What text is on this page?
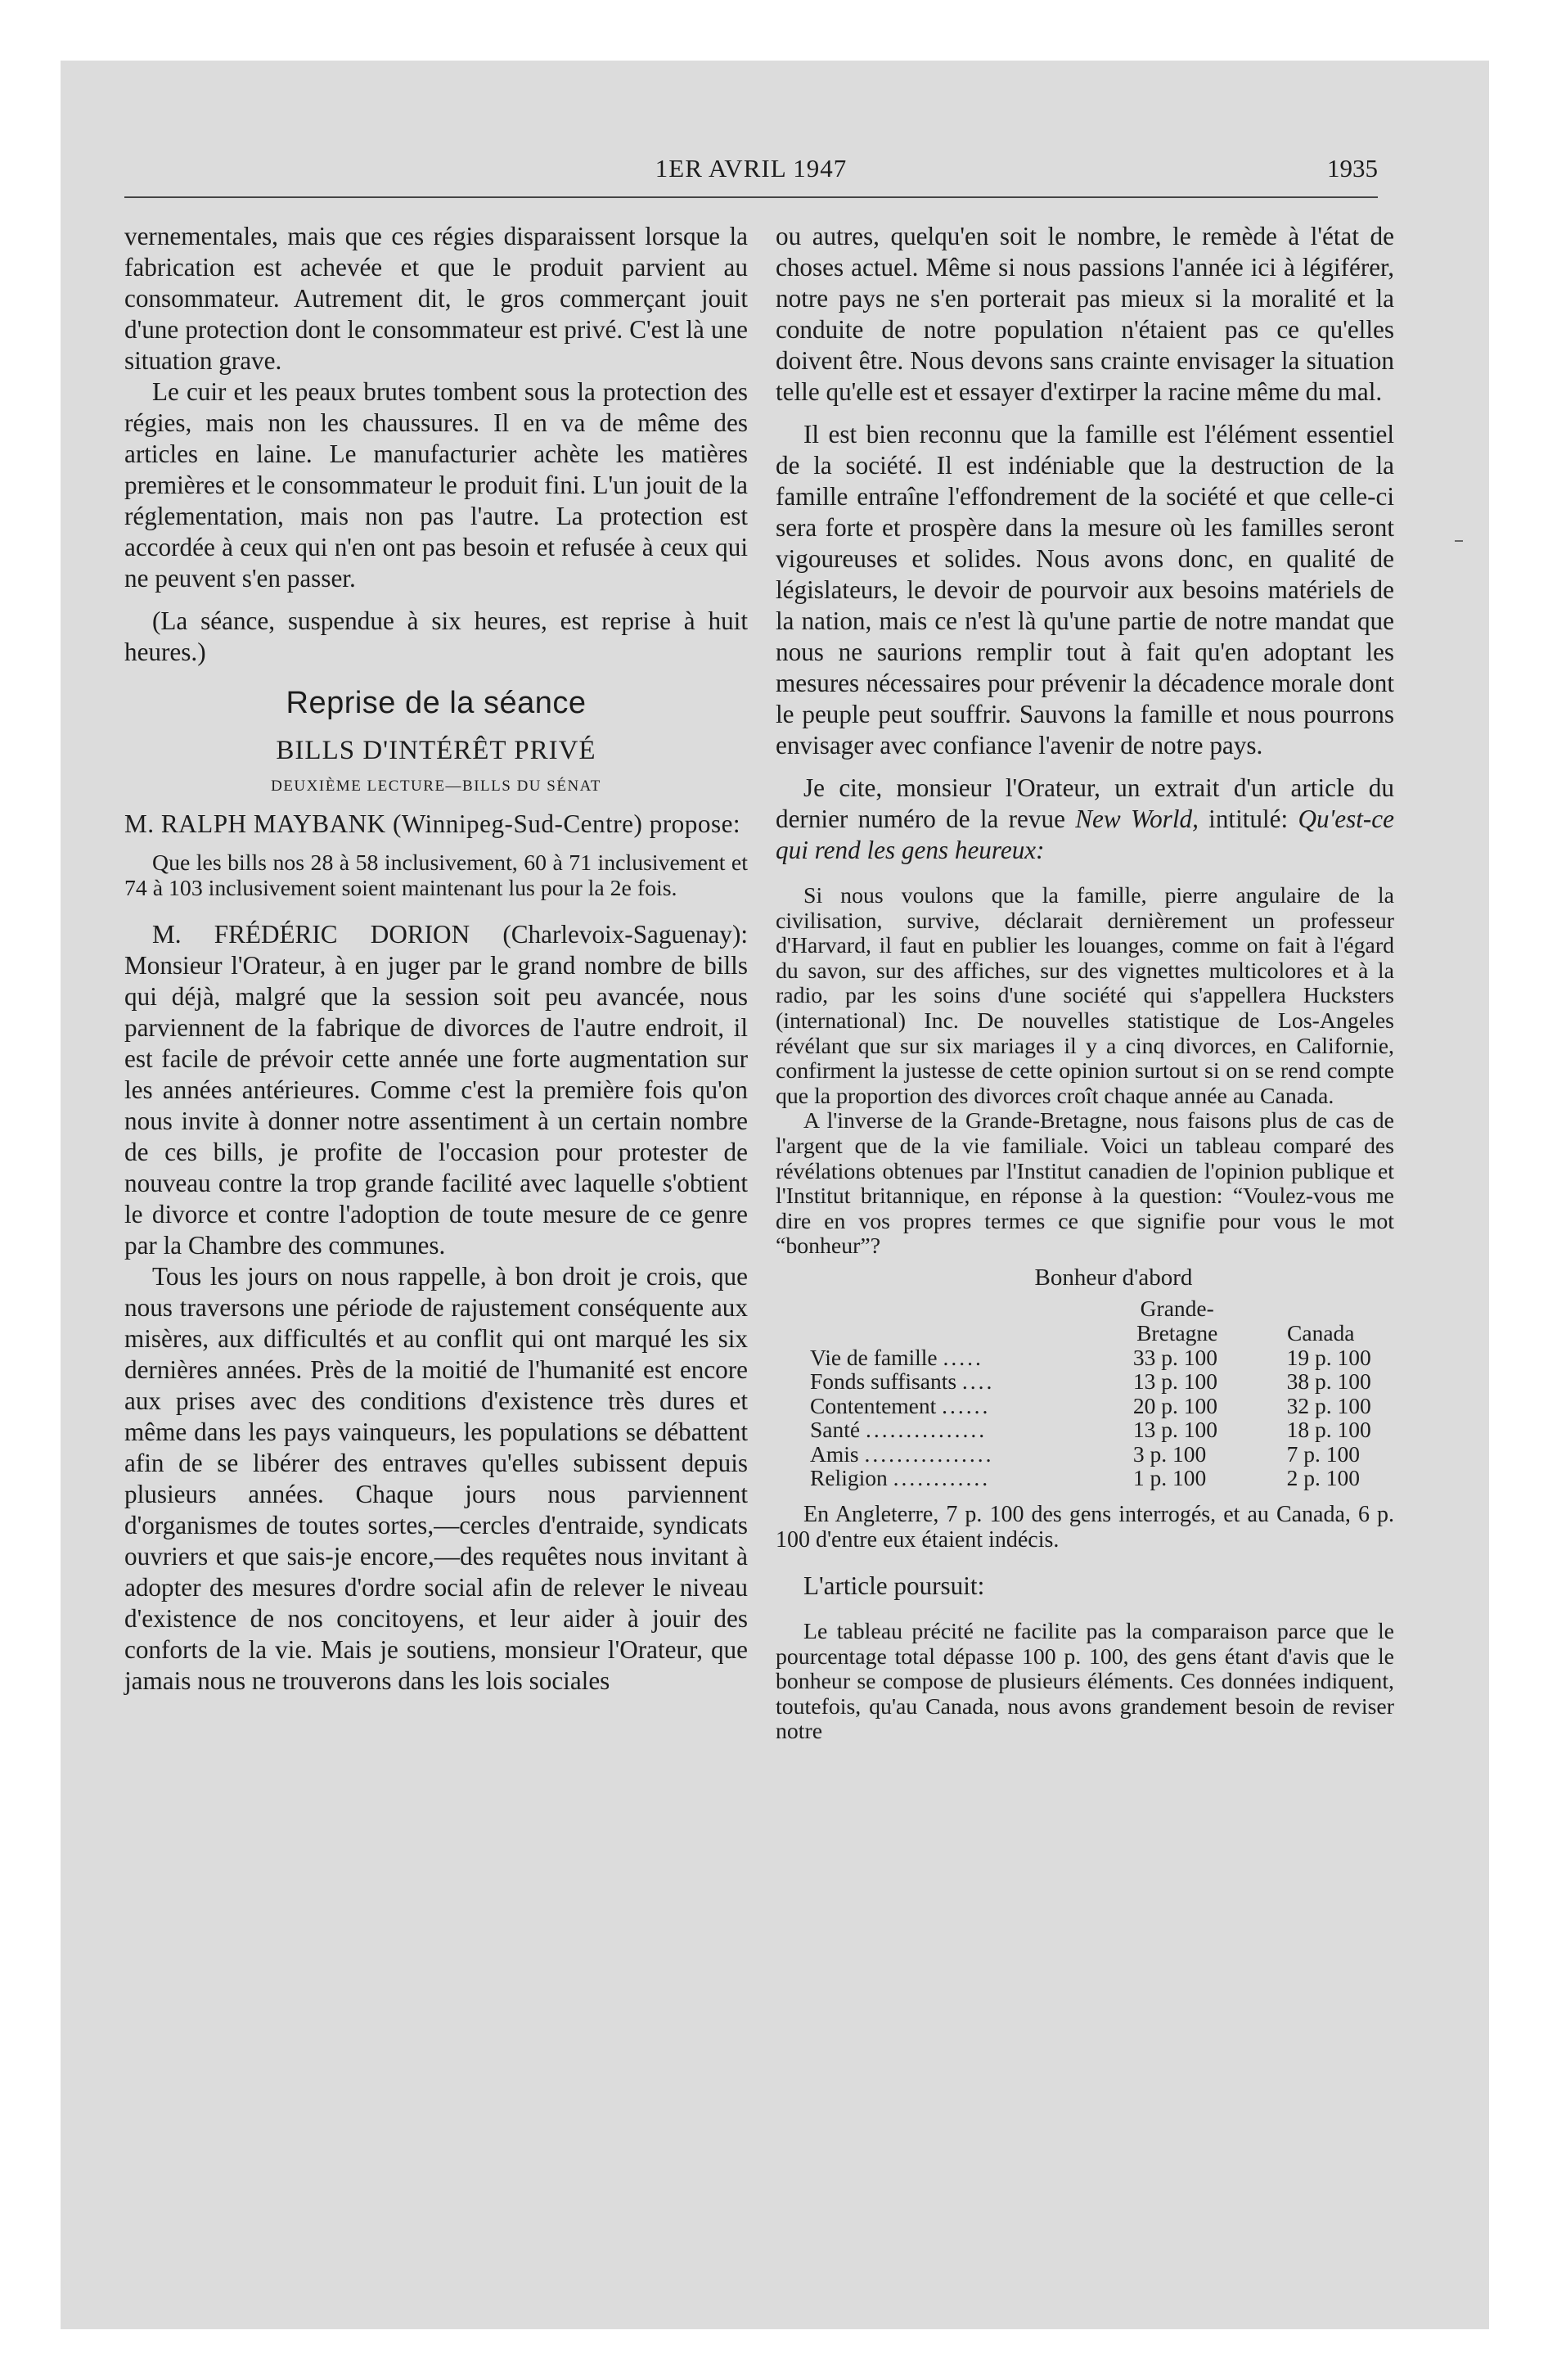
1ER AVRIL 1947	1935

vernementales, mais que ces régies disparaissent lorsque la fabrication est achevée et que le produit parvient au consommateur. Autrement dit, le gros commerçant jouit d'une protection dont le consommateur est privé. C'est là une situation grave.

Le cuir et les peaux brutes tombent sous la protection des régies, mais non les chaussures. Il en va de même des articles en laine. Le manufacturier achète les matières premières et le consommateur le produit fini. L'un jouit de la réglementation, mais non pas l'autre. La protection est accordée à ceux qui n'en ont pas besoin et refusée à ceux qui ne peuvent s'en passer.

(La séance, suspendue à six heures, est reprise à huit heures.)

Reprise de la séance
BILLS D'INTÉRÊT PRIVÉ
DEUXIÈME LECTURE—BILLS DU SÉNAT

M. RALPH MAYBANK (Winnipeg-Sud-Centre) propose:

Que les bills nos 28 à 58 inclusivement, 60 à 71 inclusivement et 74 à 103 inclusivement soient maintenant lus pour la 2e fois.

M. FRÉDÉRIC DORION (Charlevoix-Saguenay): Monsieur l'Orateur, à en juger par le grand nombre de bills qui déjà, malgré que la session soit peu avancée, nous parviennent de la fabrique de divorces de l'autre endroit, il est facile de prévoir cette année une forte augmentation sur les années antérieures. Comme c'est la première fois qu'on nous invite à donner notre assentiment à un certain nombre de ces bills, je profite de l'occasion pour protester de nouveau contre la trop grande facilité avec laquelle s'obtient le divorce et contre l'adoption de toute mesure de ce genre par la Chambre des communes.

Tous les jours on nous rappelle, à bon droit je crois, que nous traversons une période de rajustement conséquente aux misères, aux difficultés et au conflit qui ont marqué les six dernières années. Près de la moitié de l'humanité est encore aux prises avec des conditions d'existence très dures et même dans les pays vainqueurs, les populations se débattent afin de se libérer des entraves qu'elles subissent depuis plusieurs années. Chaque jours nous parviennent d'organismes de toutes sortes,—cercles d'entraide, syndicats ouvriers et que sais-je encore,—des requêtes nous invitant à adopter des mesures d'ordre social afin de relever le niveau d'existence de nos concitoyens, et leur aider à jouir des conforts de la vie. Mais je soutiens, monsieur l'Orateur, que jamais nous ne trouverons dans les lois sociales

ou autres, quelqu'en soit le nombre, le remède à l'état de choses actuel. Même si nous passions l'année ici à légiférer, notre pays ne s'en porterait pas mieux si la moralité et la conduite de notre population n'étaient pas ce qu'elles doivent être. Nous devons sans crainte envisager la situation telle qu'elle est et essayer d'extirper la racine même du mal.

Il est bien reconnu que la famille est l'élément essentiel de la société. Il est indéniable que la destruction de la famille entraîne l'effondrement de la société et que celle-ci sera forte et prospère dans la mesure où les familles seront vigoureuses et solides. Nous avons donc, en qualité de législateurs, le devoir de pourvoir aux besoins matériels de la nation, mais ce n'est là qu'une partie de notre mandat que nous ne saurions remplir tout à fait qu'en adoptant les mesures nécessaires pour prévenir la décadence morale dont le peuple peut souffrir. Sauvons la famille et nous pourrons envisager avec confiance l'avenir de notre pays.

Je cite, monsieur l'Orateur, un extrait d'un article du dernier numéro de la revue New World, intitulé: Qu'est-ce qui rend les gens heureux:

Si nous voulons que la famille, pierre angulaire de la civilisation, survive, déclarait dernièrement un professeur d'Harvard, il faut en publier les louanges, comme on fait à l'égard du savon, sur des affiches, sur des vignettes multicolores et à la radio, par les soins d'une société qui s'appellera Hucksters (international) Inc. De nouvelles statistique de Los-Angeles révélant que sur six mariages il y a cinq divorces, en Californie, confirment la justesse de cette opinion surtout si on se rend compte que la proportion des divorces croît chaque année au Canada.

A l'inverse de la Grande-Bretagne, nous faisons plus de cas de l'argent que de la vie familiale. Voici un tableau comparé des révélations obtenues par l'Institut canadien de l'opinion publique et l'Institut britannique, en réponse à la question: “Voulez-vous me dire en vos propres termes ce que signifie pour vous le mot “bonheur”?

Bonheur d'abord

	Grande-
Bretagne	Canada
Vie de famille .....	33 p. 100	19 p. 100
Fonds suffisants ....	13 p. 100	38 p. 100
Contentement ......	20 p. 100	32 p. 100
Santé ...............	13 p. 100	18 p. 100
Amis ................	3 p. 100	7 p. 100
Religion ............	1 p. 100	2 p. 100

En Angleterre, 7 p. 100 des gens interrogés, et au Canada, 6 p. 100 d'entre eux étaient indécis.

L'article poursuit:

Le tableau précité ne facilite pas la comparaison parce que le pourcentage total dépasse 100 p. 100, des gens étant d'avis que le bonheur se compose de plusieurs éléments. Ces données indiquent, toutefois, qu'au Canada, nous avons grandement besoin de reviser notre
